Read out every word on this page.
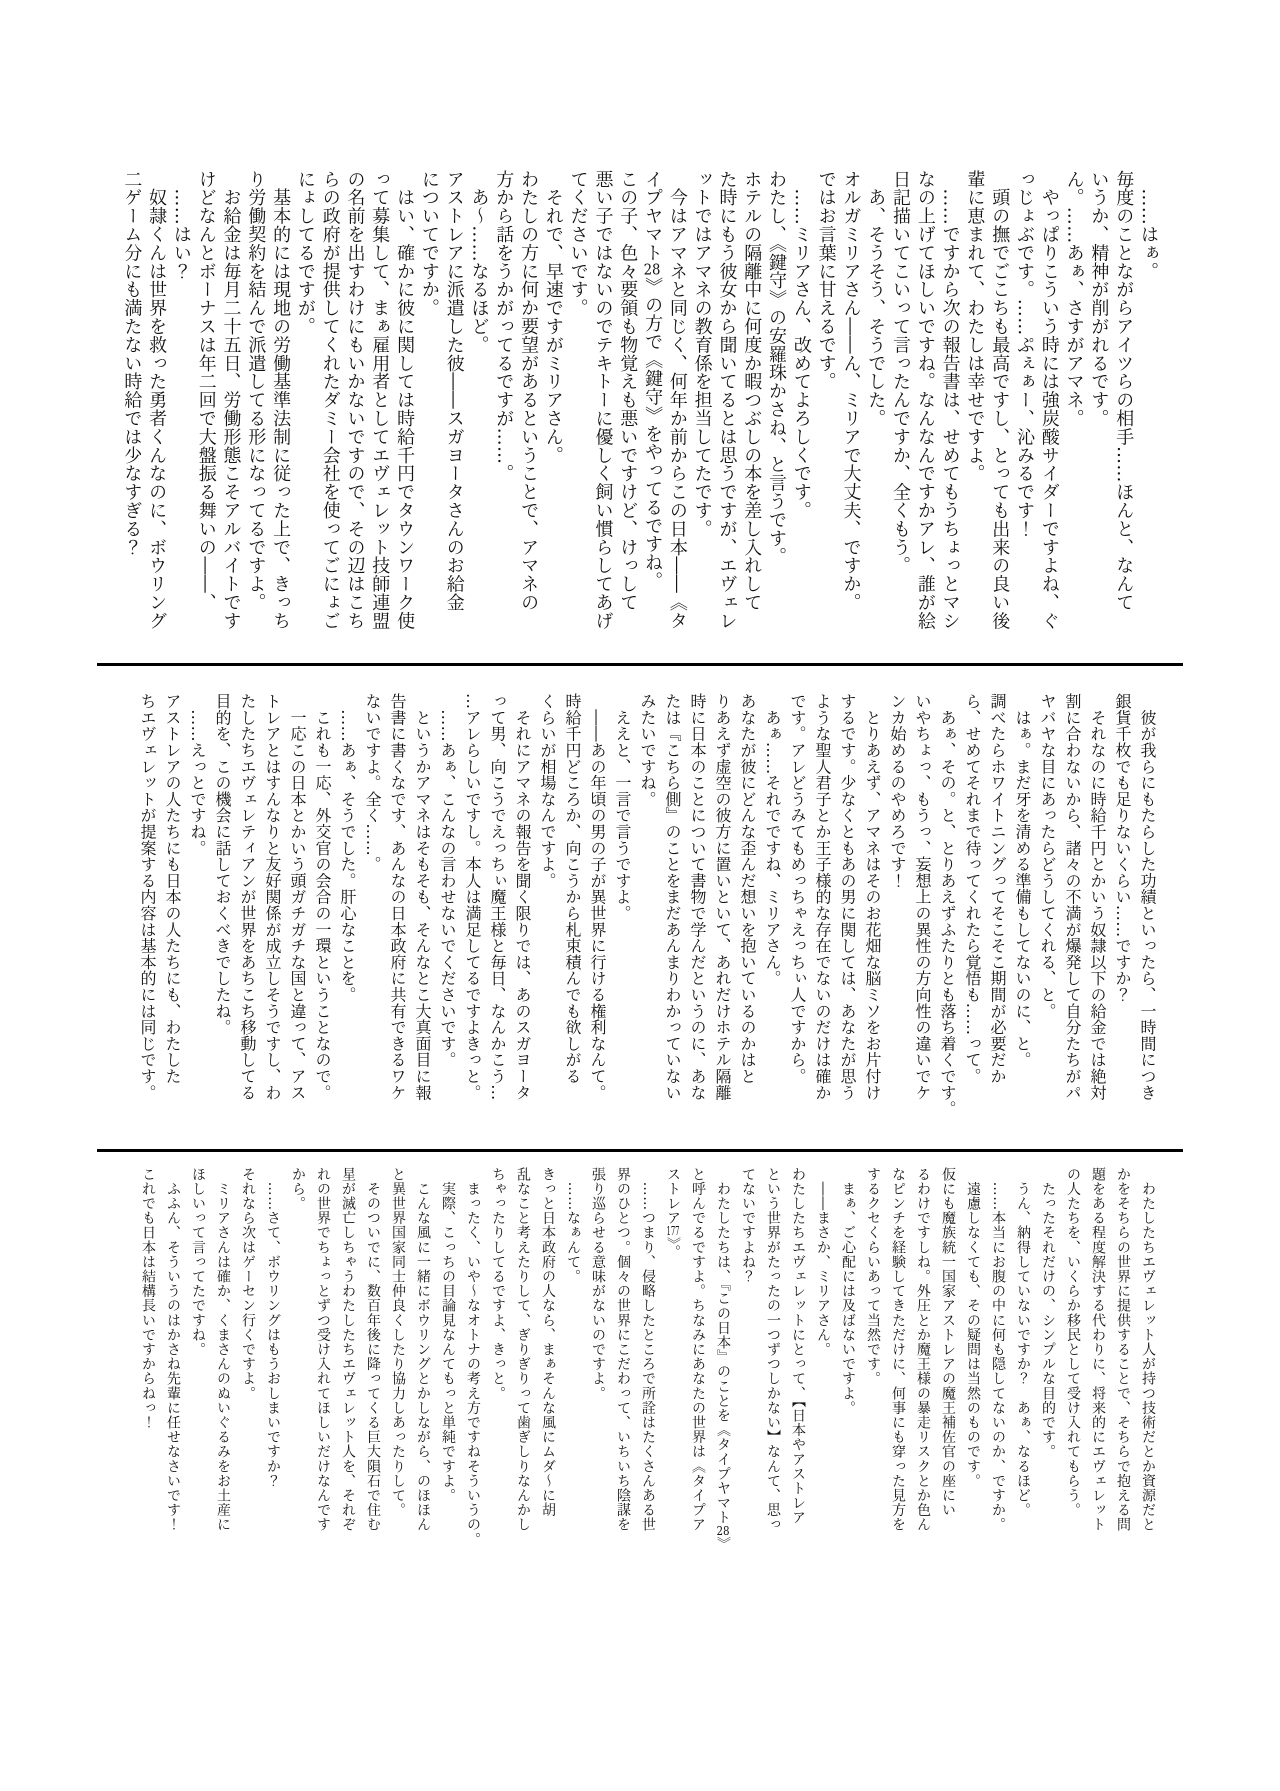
　……はぁ。
毎度のことながらアイツらの相手……ほんと、なんて
いうか、精神が削がれるです。
ん。……あぁ、さすがアマネ。
　やっぱりこういう時には強炭酸サイダーですよね、ぐ
っじょぶです。……ぷぇぁー、沁みるです！
　頭の撫でごこちも最高ですし、とっても出来の良い後
輩に恵まれて、わたしは幸せですよ。
　……ですから次の報告書は、せめてもうちょっとマシ
なの上げてほしいですね。なんなんですかアレ、誰が絵
日記描いてこいって言ったんですか、全くもう。
　あ、そうそう、そうでした。
オルガミリアさん――ん、ミリアで大丈夫、ですか。
ではお言葉に甘えるです。
　……ミリアさん、改めてよろしくです。
わたし、《鍵守》の安羅珠かさね、と言うです。
ホテルの隔離中に何度か暇つぶしの本を差し入れして
た時にもう彼女から聞いてるとは思うですが、エヴェレ
ットではアマネの教育係を担当してたです。
　今はアマネと同じく、何年か前からこの日本――《タ
イプヤマト28》の方で《鍵守》をやってるですね。
この子、色々要領も物覚えも悪いですけど、けっして
悪い子ではないのでテキトーに優しく飼い慣らしてあげ
てくださいです。
　それで、早速ですがミリアさん。
わたしの方に何か要望があるということで、アマネの
方から話をうかがってるですが……。
　あ〜……なるほど。
アストレアに派遣した彼――スガヨータさんのお給金
についてですか。
　はい、確かに彼に関しては時給千円でタウンワーク使
って募集して、まぁ雇用者としてエヴェレット技師連盟
の名前を出すわけにもいかないですので、その辺はこち
らの政府が提供してくれたダミー会社を使ってごにょご
にょしてるですが。
　基本的には現地の労働基準法制に従った上で、きっち
り労働契約を結んで派遣してる形になってるですよ。
　お給金は毎月二十五日、労働形態こそアルバイトです
けどなんとボーナスは年二回で大盤振る舞いの――、
　……はい？
　奴隷くんは世界を救った勇者くんなのに、ボウリング
二ゲーム分にも満たない時給では少なすぎる？
　彼が我らにもたらした功績といったら、一時間につき
銀貨千枚でも足りないくらい……ですか？
　それなのに時給千円とかいう奴隷以下の給金では絶対
割に合わないから、諸々の不満が爆発して自分たちがパ
ヤバヤな目にあったらどうしてくれる、と。
　はぁ。まだ牙を清める準備もしてないのに、と。
調べたらホワイトニングってそこそこ期間が必要だか
ら、せめてそれまで待ってくれたら覚悟も……って。
　あぁ、その。と、とりあえずふたりとも落ち着くです。
いやちょっ、もうっ、妄想上の異性の方向性の違いでケ
ンカ始めるのやめろです！
　とりあえず、アマネはそのお花畑な脳ミソをお片付け
するです。少なくともあの男に関しては、あなたが思う
ような聖人君子とか王子様的な存在でないのだけは確か
です。アレどうみてもめっちゃえっちぃ人ですから。
　あぁ……それでですね、ミリアさん。
あなたが彼にどんな歪んだ想いを抱いているのかはと
りあえず虚空の彼方に置いといて、あれだけホテル隔離
時に日本のことについて書物で学んだというのに、あな
たは『こちら側』のことをまだあんまりわかっていない
みたいですね。
　ええと、一言で言うですよ。
　――あの年頃の男の子が異世界に行ける権利なんて。
時給千円どころか、向こうから札束積んでも欲しがる
くらいが相場なんですよ。
　それにアマネの報告を聞く限りでは、あのスガヨータ
って男、向こうでえっちぃ魔王様と毎日、なんかこう…
…アレらしいですし。本人は満足してるですよきっと。
　……あぁ、こんなの言わせないでくださいです。
　というかアマネはそもそも、そんなとこ大真面目に報
告書に書くなです、あんなの日本政府に共有できるワケ
ないですよ。全く……。
　……あぁ、そうでした。肝心なことを。
　これも一応、外交官の会合の一環ということなので。
　一応この日本とかいう頭ガチガチな国と違って、アス
トレアとはすんなりと友好関係が成立しそうですし、わ
たしたちエヴェレティアンが世界をあちこち移動してる
目的を、この機会に話しておくべきでしたね。
　……えっとですね。
アストレアの人たちにも日本の人たちにも、わたした
ちエヴェレットが提案する内容は基本的には同じです。
　わたしたちエヴェレット人が持つ技術だとか資源だと
かをそちらの世界に提供することで、そちらで抱える問
題をある程度解決する代わりに、将来的にエヴェレット
の人たちを、いくらか移民として受け入れてもらう。
　たったそれだけの、シンプルな目的です。
　うん、納得していないですか？　あぁ、なるほど。
　……本当にお腹の中に何も隠してないのか、ですか。
　遠慮しなくても、その疑問は当然のものです。
仮にも魔族統一国家アストレアの魔王補佐官の座にい
るわけですしね。外圧とか魔王様の暴走リスクとか色ん
なピンチを経験してきただけに、何事にも穿った見方を
するクセくらいあって当然です。
　まぁ、ご心配には及ばないですよ。
　――まさか、ミリアさん。
わたしたちエヴェレットにとって、【日本やアストレア
という世界がたったの一つずつしかない】なんて、思っ
てないですよね？
　わたしたちは、『この日本』のことを《タイプヤマト28》
と呼んでるですよ。ちなみにあなたの世界は《タイプア
ストレア177》。
　……つまり、侵略したところで所詮はたくさんある世
界のひとつ。個々の世界にこだわって、いちいち陰謀を
張り巡らせる意味がないのですよ。
　……なぁんて。
きっと日本政府の人なら、まぁそんな風にムダ〜に胡
乱なこと考えたりして、ぎりぎりって歯ぎしりなんかし
ちゃったりしてるですよ、きっと。
　まったく、いや〜なオトナの考え方ですねそういうの。
　実際、こっちの目論見なんてもっと単純ですよ。
　こんな風に一緒にボウリングとかしながら、のほほん
と異世界国家同士仲良くしたり協力しあったりして。
　そのついでに、数百年後に降ってくる巨大隕石で住む
星が滅亡しちゃうわたしたちエヴェレット人を、それぞ
れの世界でちょっとずつ受け入れてほしいだけなんです
から。
　……さて、ボウリングはもうおしまいですか？
それなら次はゲーセン行くですよ。
　ミリアさんは確か、くまさんのぬいぐるみをお土産に
ほしいって言ってたですね。
　ふふん、そういうのはかさね先輩に任せなさいです！
これでも日本は結構長いですからねっ！
